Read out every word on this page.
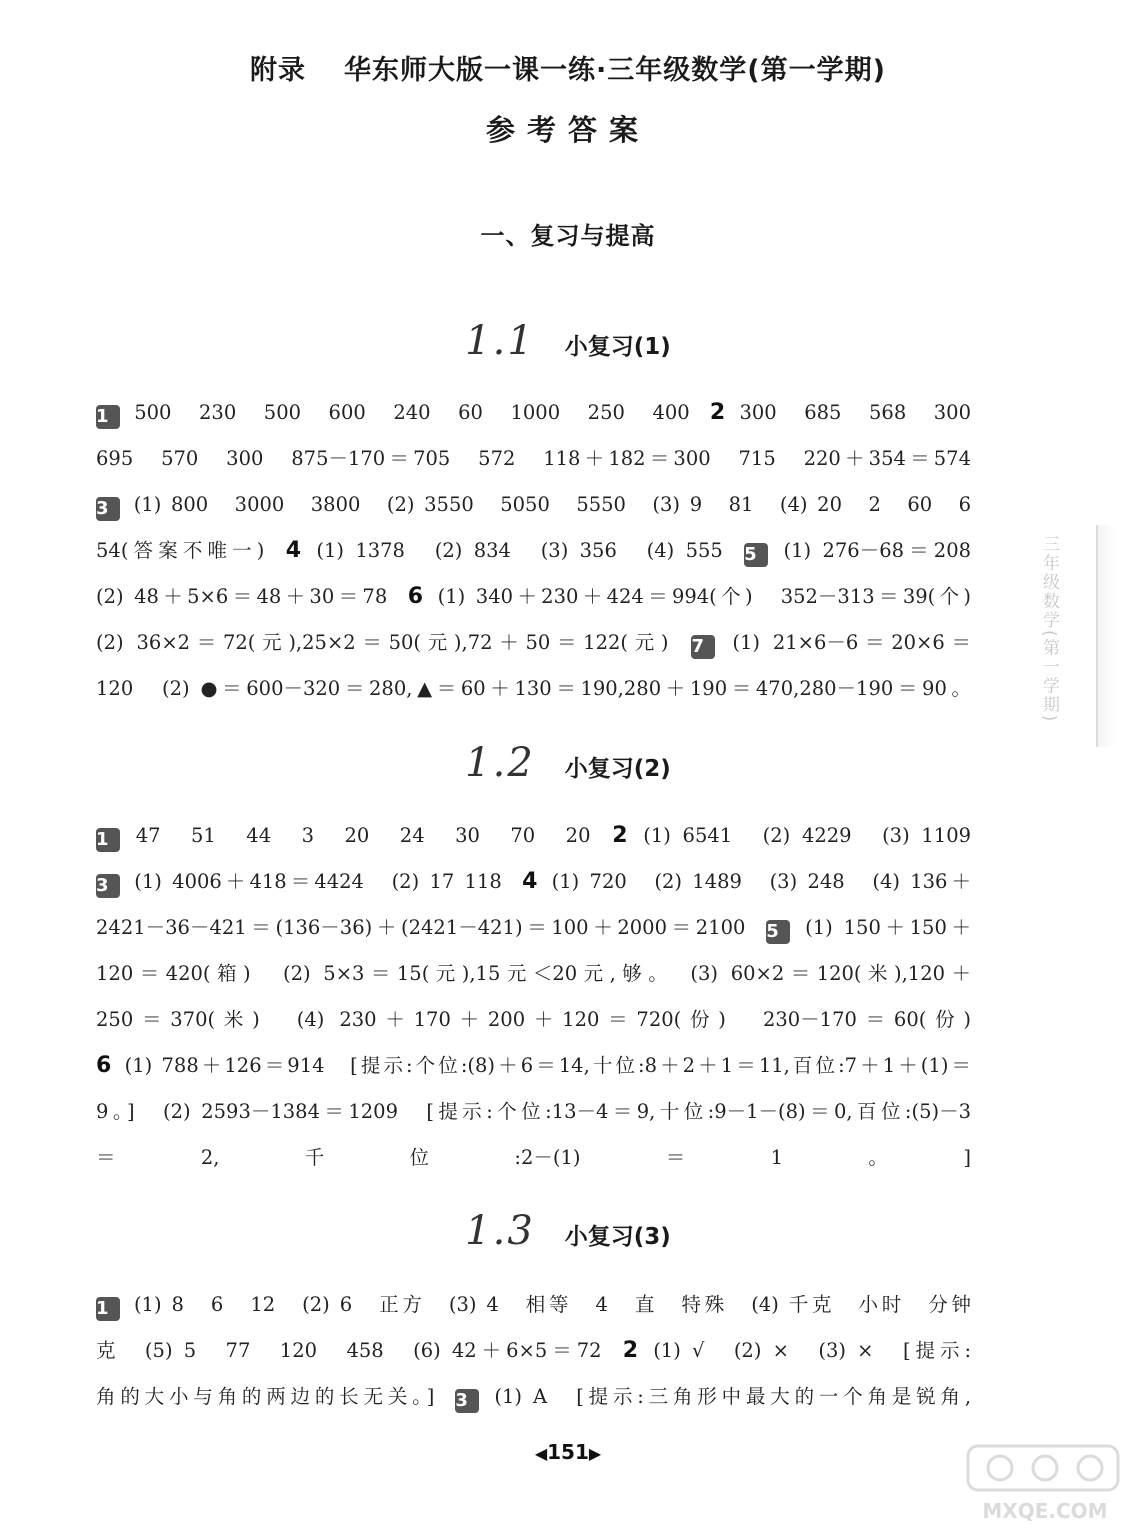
附录 华东师大版一课一练·三年级数学(第一学期)
参考答案
一、复习与提高
1.1 小复习(1)
1 500　230　500　600　240　60　1000　250　400 2 300　685　568　300
695　570　300　875－170＝705　572　118＋182＝300　715　220＋354＝574
3 (1) 800　3000　3800　(2) 3550　5050　5550　(3) 9　81　(4) 20　2　60　6
54(答案不唯一) 4 (1) 1378　(2) 834　(3) 356　(4) 555 5 (1) 276－68＝208
(2) 48＋5×6＝48＋30＝78 6 (1) 340＋230＋424＝994(个)　352－313＝39(个)
(2) 36×2＝72(元),25×2＝50(元),72＋50＝122(元) 7 (1) 21×6－6＝20×6＝
120　(2) ●＝600－320＝280,▲＝60＋130＝190,280＋190＝470,280－190＝90。
1.2 小复习(2)
1 47　51　44　3　20　24　30　70　20 2 (1) 6541　(2) 4229　(3) 1109
3 (1) 4006＋418＝4424　(2) 17 118 4 (1) 720　(2) 1489　(3) 248　(4) 136＋
2421－36－421＝(136－36)＋(2421－421)＝100＋2000＝2100 5 (1) 150＋150＋
120＝420(箱)　(2) 5×3＝15(元),15元＜20元,够。　(3) 60×2＝120(米),120＋
250＝370(米)　(4) 230＋170＋200＋120＝720(份)　230－170＝60(份)
6 (1) 788＋126＝914　[提示:个位:(8)＋6＝14,十位:8＋2＋1＝11,百位:7＋1＋(1)＝
9。]　(2) 2593－1384＝1209　[提示:个位:13－4＝9,十位:9－1－(8)＝0,百位:(5)－3
＝2,千位:2－(1)＝1。]
1.3 小复习(3)
1 (1) 8　6　12　(2) 6　正方　(3) 4　相等　4　直　特殊　(4) 千克　小时　分钟
克　(5) 5　77　120　458　(6) 42＋6×5＝72 2 (1) √　(2) ×　(3) ×　[提示:
角的大小与角的两边的长无关。] 3 (1) A　[提示:三角形中最大的一个角是锐角,
三年级数学(第一学期)
◀151▶
MXQE.COM
